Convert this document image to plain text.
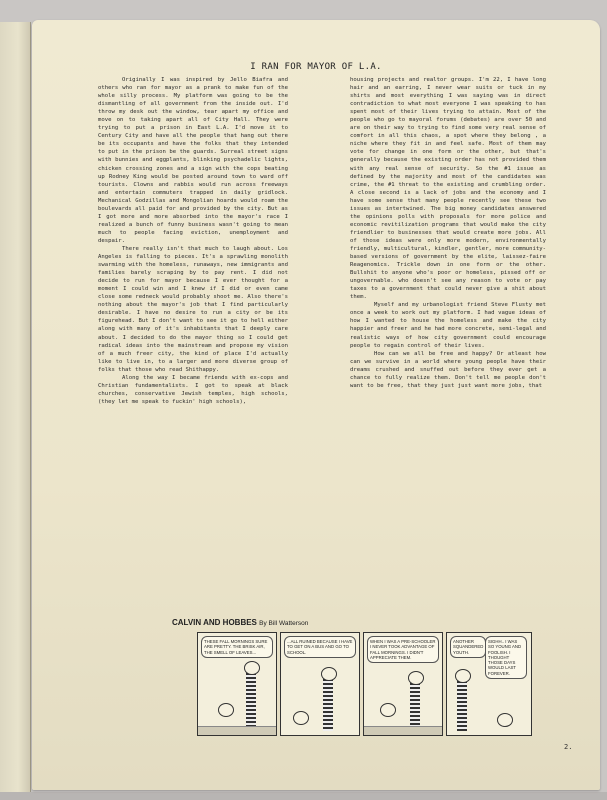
I RAN FOR MAYOR OF L.A.

Originally I was inspired by Jello Biafra and others who ran for mayor as a prank to make fun of the whole silly process. My platform was going to be the dismantling of all government from the inside out. I'd throw my desk out the window, tear apart my office and move on to taking apart all of City Hall. They were trying to put a prison in East L.A. I'd move it to Century City and have all the people that hang out there be its occupants and have the folks that they intended to put in the prison be the guards. Surreal street signs with bunnies and eggplants, blinking psychadelic lights, chicken crossing zones and a sign with the cops beating up Rodney King would be posted around town to ward off tourists. Clowns and rabbis would run across freeways and entertain commuters trapped in daily gridlock. Mechanical Godzillas and Mongolian hoards would roam the boulevards all paid for and provided by the city. But as I got more and more absorbed into the mayor's race I realized a bunch of funny business wasn't going to mean much to people facing eviction, unemployment and despair.

There really isn't that much to laugh about. Los Angeles is falling to pieces. It's a sprawling monolith swarming with the homeless, runaways, new immigrants and families barely scraping by to pay rent. I did not decide to run for mayor because I ever thought for a moment I could win and I knew if I did or even came close some redneck would probably shoot me. Also there's nothing about the mayor's job that I find particularly desirable. I have no desire to run a city or be its figurehead. But I don't want to see it go to hell either along with many of it's inhabitants that I deeply care about. I decided to do the mayor thing so I could get radical ideas into the mainstream and propose my vision of a much freer city, the kind of place I'd actually like to live in, to a larger and more diverse group of folks that those who read Shithappy.

Along the way I became friends with ex-cops and Christian fundamentalists. I got to speak at black churches, conservative Jewish temples, high schools, (they let me speak to fuckin' high schools),

housing projects and realtor groups. I'm 22, I have long hair and an earring, I never wear suits or tuck in my shirts and most everything I was saying was in direct contradiction to what most everyone I was speaking to has spent most of their lives trying to attain. Most of the people who go to mayoral forums (debates) are over 50 and are on their way to trying to find some very real sense of comfort in all this chaos, a spot where they belong , a niche where they fit in and feel safe. Most of them may vote for change in one form or the other, but that's generally because the existing order has not provided them with any real sense of security. So the #1 issue as defined by the majority and most of the candidates was crime, the #1 threat to the existing and crumbling order. A close second is a lack of jobs and the economy and I have some sense that many people recently see these two issues as intertwined. The big money candidates answered the opinions polls with proposals for more police and economic revitilization programs that would make the city friendlier to businesses that would create more jobs. All of those ideas were only more modern, environmentally friendly, multicultural, kindler, gentler, more community-based versions of government by the elite, laissez-faire Reagenomics. Trickle down in one form or the other. Bullshit to anyone who's poor or homeless, pissed off or ungovernable. who doesn't see any reason to vote or pay taxes to a government that could never give a shit about them.

Myself and my urbanologist friend Steve Flusty met once a week to work out my platform. I had vague ideas of how I wanted to house the homeless and make the city happier and freer and he had more concrete, semi-legal and realistic ways of how city government could encourage people to regain control of their lives.

How can we all be free and happy? Or atleast how can we survive in a world where young people have their dreams crushed and snuffed out before they ever get a chance to fully realize them. Don't tell me people don't want to be free, that they just just want more jobs, that

CALVIN AND HOBBES By Bill Watterson
THESE FALL MORNINGS SURE ARE PRETTY. THE BRISK AIR, THE SMELL OF LEAVES...
...ALL RUINED BECAUSE I HAVE TO GET ON A BUS AND GO TO SCHOOL.
WHEN I WAS A PRE-SCHOOLER I NEVER TOOK ADVANTAGE OF FALL MORNINGS. I DIDN'T APPRECIATE THEM.
ANOTHER SQUANDERED YOUTH.
SIGHH.. I WAS SO YOUNG AND FOOLISH. I THOUGHT THOSE DAYS WOULD LAST FOREVER.
2.
